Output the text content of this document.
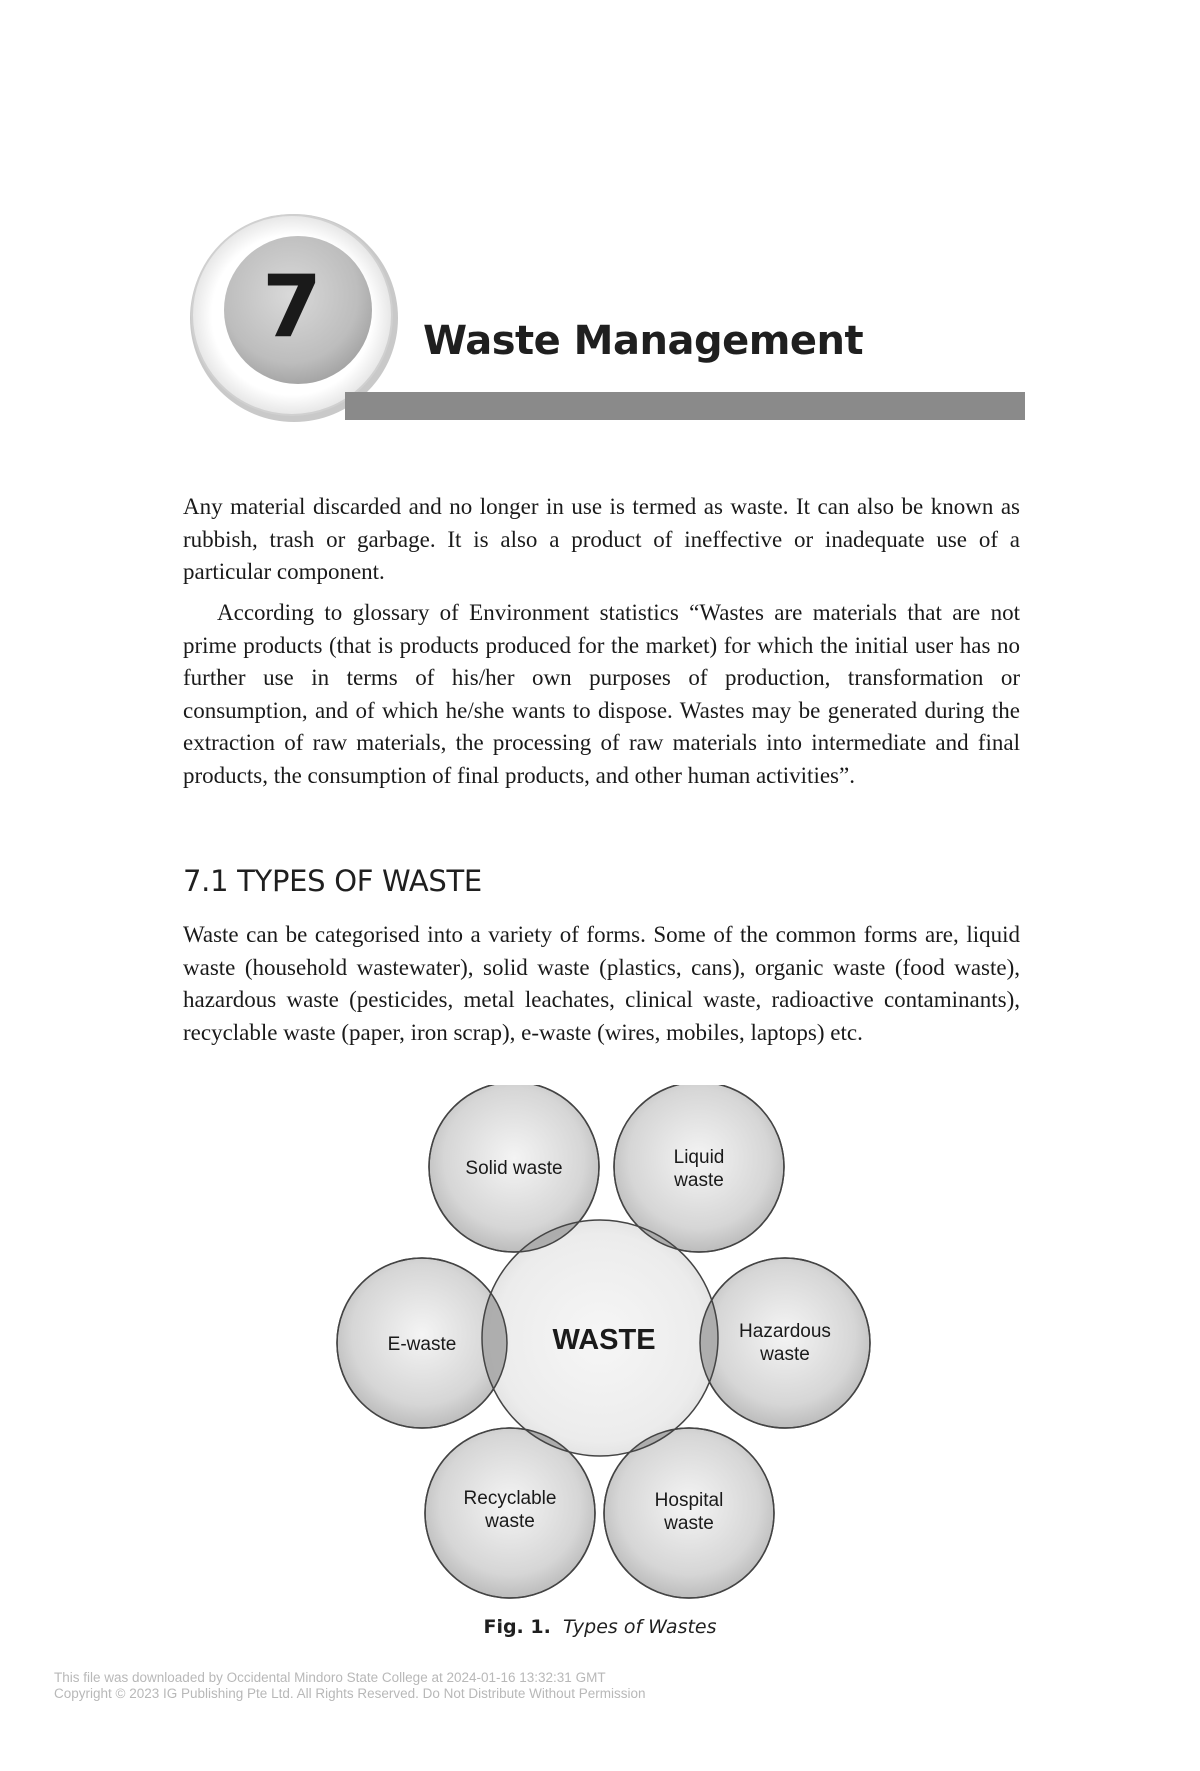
7	Waste Management

Any material discarded and no longer in use is termed as waste. It can also be known as rubbish, trash or garbage. It is also a product of ineffective or inadequate use of a particular component.

According to glossary of Environment statistics “Wastes are materials that are not prime products (that is products produced for the market) for which the initial user has no further use in terms of his/her own purposes of production, transformation or consumption, and of which he/she wants to dispose. Wastes may be generated during the extraction of raw materials, the processing of raw materials into intermediate and final products, the consumption of final products, and other human activities”.

7.1 TYPES OF WASTE

Waste can be categorised into a variety of forms. Some of the common forms are, liquid waste (household wastewater), solid waste (plastics, cans), organic waste (food waste), hazardous waste (pesticides, metal leachates, clinical waste, radioactive contaminants), recyclable waste (paper, iron scrap), e-waste (wires, mobiles, laptops) etc.

Solid waste
Liquid
waste
Hazardous
waste
Hospital
waste
Recyclable
waste
E-waste	WASTE
Fig. 1. Types of Wastes
This file was downloaded by Occidental Mindoro State College at 2024-01-16 13:32:31 GMT
Copyright © 2023 IG Publishing Pte Ltd. All Rights Reserved. Do Not Distribute Without Permission
